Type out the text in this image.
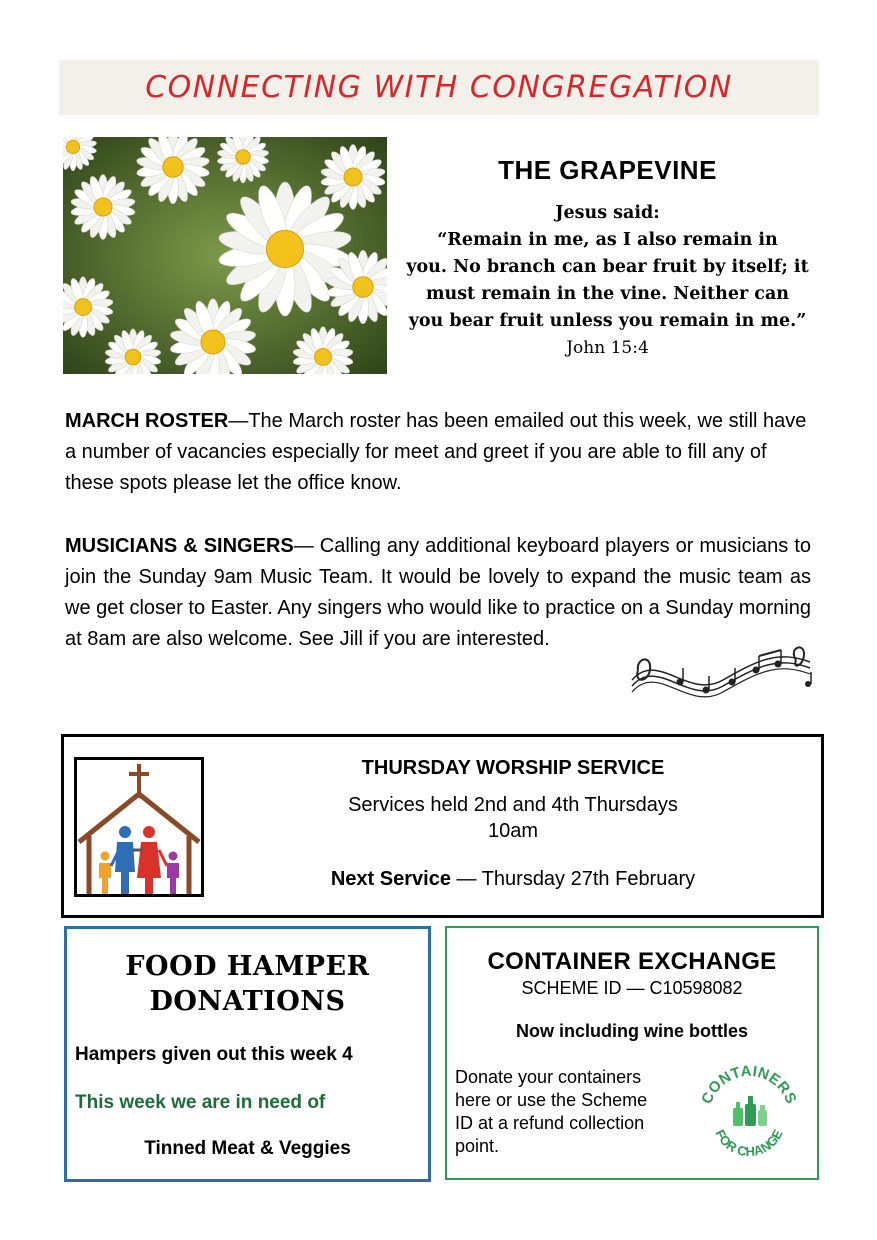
CONNECTING WITH CONGREGATION
THE GRAPEVINE
Jesus said:
“Remain in me, as I also remain in
you. No branch can bear fruit by itself; it
must remain in the vine. Neither can
you bear fruit unless you remain in me.”
John 15:4
MARCH ROSTER—The March roster has been emailed out this week, we still have a number of vacancies especially for meet and greet if you are able to fill any of these spots please let the office know.
MUSICIANS & SINGERS— Calling any additional keyboard players or musicians to join the Sunday 9am Music Team. It would be lovely to expand the music team as we get closer to Easter. Any singers who would like to practice on a Sunday morning at 8am are also welcome. See Jill if you are interested.
THURSDAY WORSHIP SERVICE
Services held 2nd and 4th Thursdays
10am
Next Service — Thursday 27th February
FOOD HAMPER
DONATIONS
Hampers given out this week 4
This week we are in need of
Tinned Meat & Veggies
CONTAINER EXCHANGE
SCHEME ID — C10598082
Now including wine bottles
Donate your containers
here or use the Scheme
ID at a refund collection
point.
CONTAINERS
FOR CHANGE
